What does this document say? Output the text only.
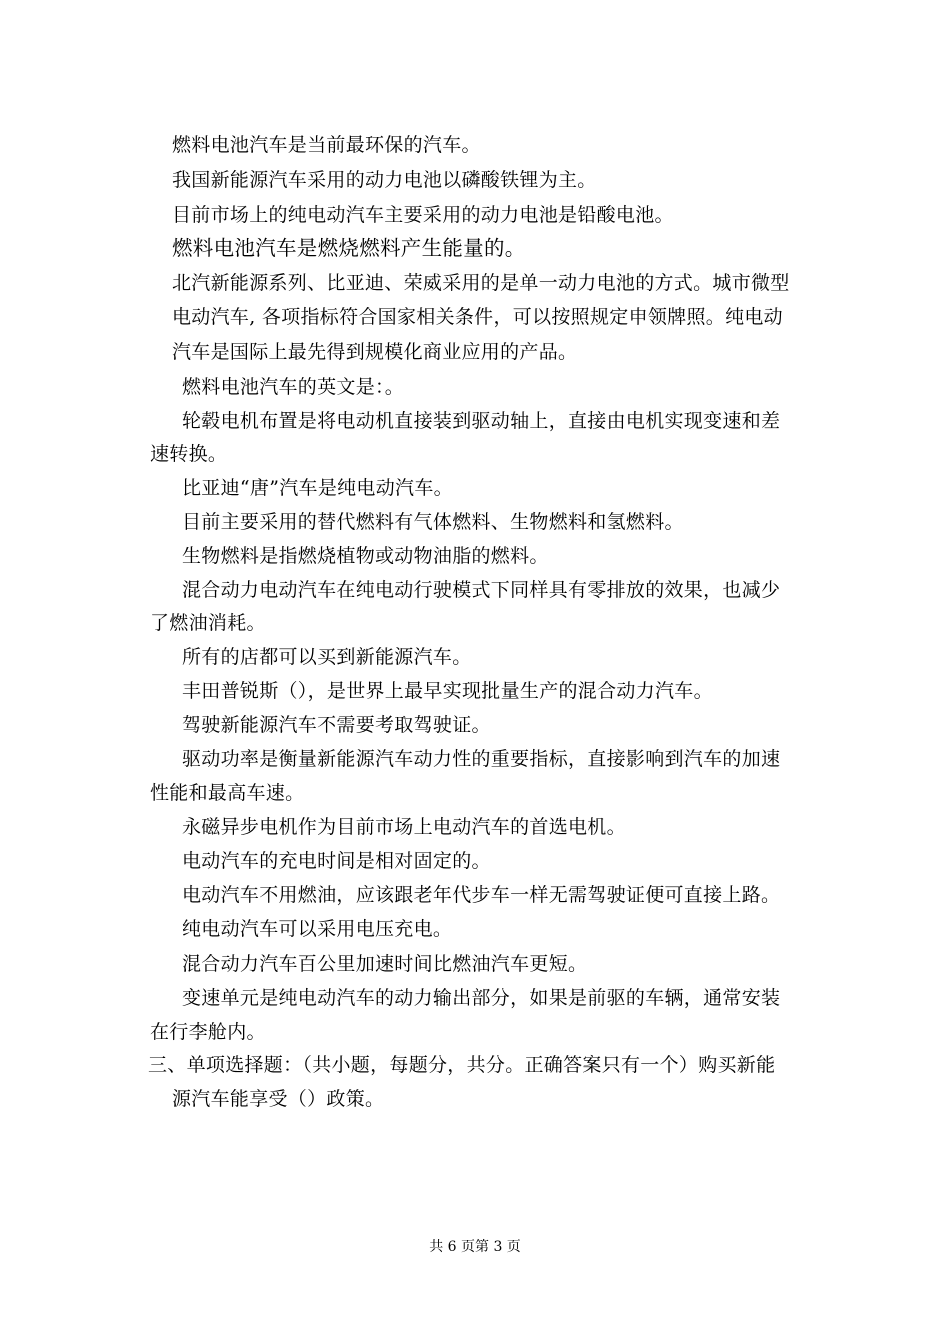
燃料电池汽车是当前最环保的汽车。
我国新能源汽车采用的动力电池以磷酸铁锂为主。
目前市场上的纯电动汽车主要采用的动力电池是铅酸电池。
燃料电池汽车是燃烧燃料产生能量的。
北汽新能源系列、比亚迪、荣威采用的是单一动力电池的方式。城市微型
电动汽车, 各项指标符合国家相关条件，可以按照规定申领牌照。纯电动
汽车是国际上最先得到规模化商业应用的产品。
燃料电池汽车的英文是：。
轮毂电机布置是将电动机直接装到驱动轴上，直接由电机实现变速和差
速转换。
比亚迪“唐”汽车是纯电动汽车。
目前主要采用的替代燃料有气体燃料、生物燃料和氢燃料。
生物燃料是指燃烧植物或动物油脂的燃料。
混合动力电动汽车在纯电动行驶模式下同样具有零排放的效果，也减少
了燃油消耗。
所有的店都可以买到新能源汽车。
丰田普锐斯（），是世界上最早实现批量生产的混合动力汽车。
驾驶新能源汽车不需要考取驾驶证。
驱动功率是衡量新能源汽车动力性的重要指标，直接影响到汽车的加速
性能和最高车速。
永磁异步电机作为目前市场上电动汽车的首选电机。
电动汽车的充电时间是相对固定的。
电动汽车不用燃油，应该跟老年代步车一样无需驾驶证便可直接上路。
纯电动汽车可以采用电压充电。
混合动力汽车百公里加速时间比燃油汽车更短。
变速单元是纯电动汽车的动力输出部分，如果是前驱的车辆，通常安装
在行李舱内。
三、单项选择题：（共小题，每题分，共分。正确答案只有一个）购买新能
源汽车能享受（）政策。
共 6 页第 3 页
